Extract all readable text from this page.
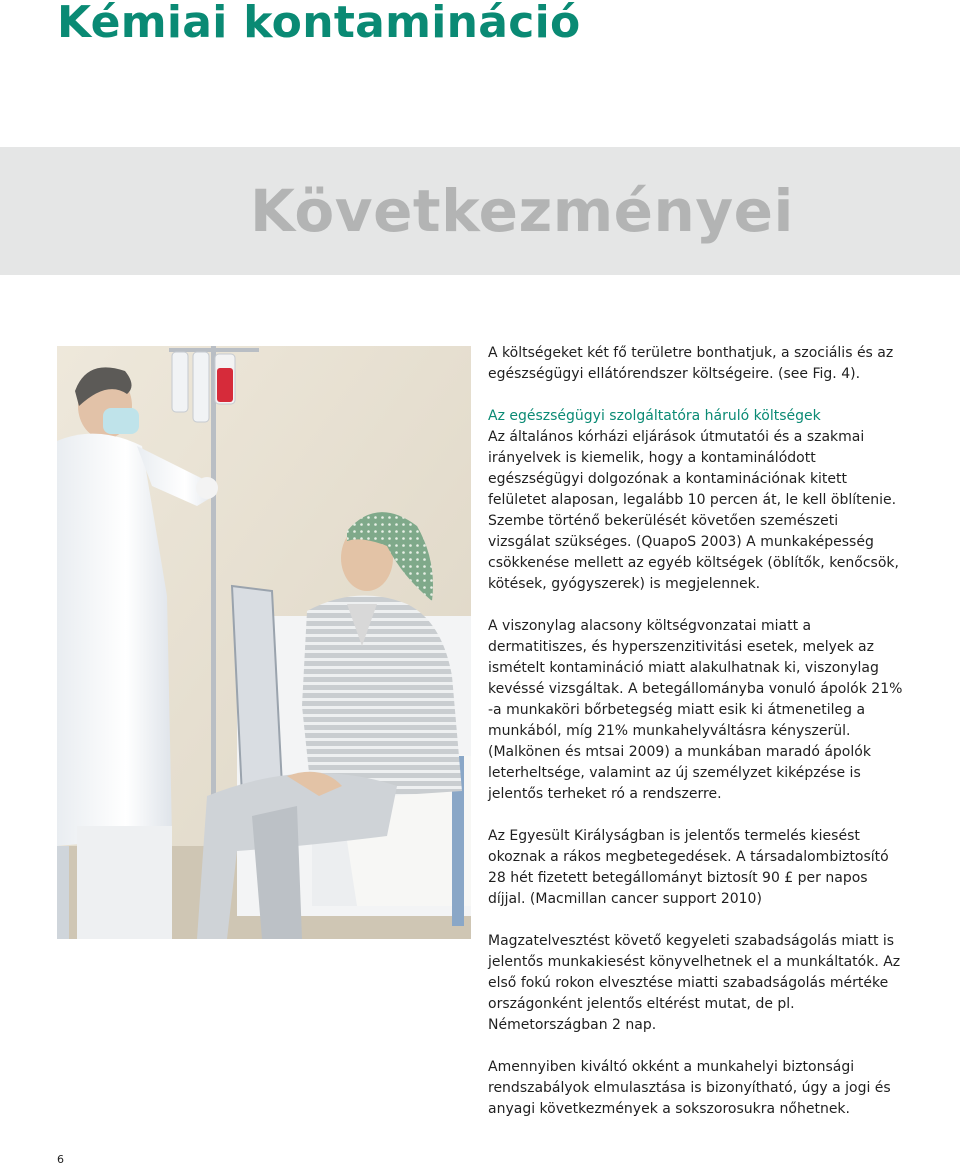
Kémiai kontamináció
Következményei

A költségeket két fő területre bonthatjuk, a szociális és az egészségügyi ellátórendszer költségeire. (see Fig. 4).

Az egészségügyi szolgáltatóra háruló költségek
Az általános kórházi eljárások útmutatói és a szakmai irányelvek is kiemelik, hogy a kontaminálódott egészségügyi dolgozónak a kontaminációnak kitett felületet alaposan, legalább 10 percen át, le kell öblítenie. Szembe történő bekerülését követően szemészeti vizsgálat szükséges. (QuapoS 2003) A munkaképesség csökkenése mellett az egyéb költségek (öblítők, kenőcsök, kötések, gyógyszerek) is megjelennek.

A viszonylag alacsony költségvonzatai miatt a dermatitiszes, és hyperszenzitivitási esetek, melyek az ismételt kontamináció miatt alakulhatnak ki, viszonylag kevéssé vizsgáltak. A betegállományba vonuló ápolók 21% -a munkaköri bőrbetegség miatt esik ki átmenetileg a munkából, míg 21% munkahelyváltásra kényszerül. (Malkönen és mtsai 2009) a munkában maradó ápolók leterheltsége, valamint az új személyzet kiképzése is jelentős terheket ró a rendszerre.

Az Egyesült Királyságban is jelentős termelés kiesést okoznak a rákos megbetegedések. A társadalombiztosító 28 hét fizetett betegállományt biztosít 90 £ per napos díjjal. (Macmillan cancer support 2010)

Magzatelvesztést követő kegyeleti szabadságolás miatt is jelentős munkakiesést könyvelhetnek el a munkáltatók. Az első fokú rokon elvesztése miatti szabadságolás mértéke országonként jelentős eltérést mutat, de pl. Németországban 2 nap.

Amennyiben kiváltó okként a munkahelyi biztonsági rendszabályok elmulasztása is bizonyítható, úgy a jogi és anyagi következmények a sokszorosukra nőhetnek.

6
